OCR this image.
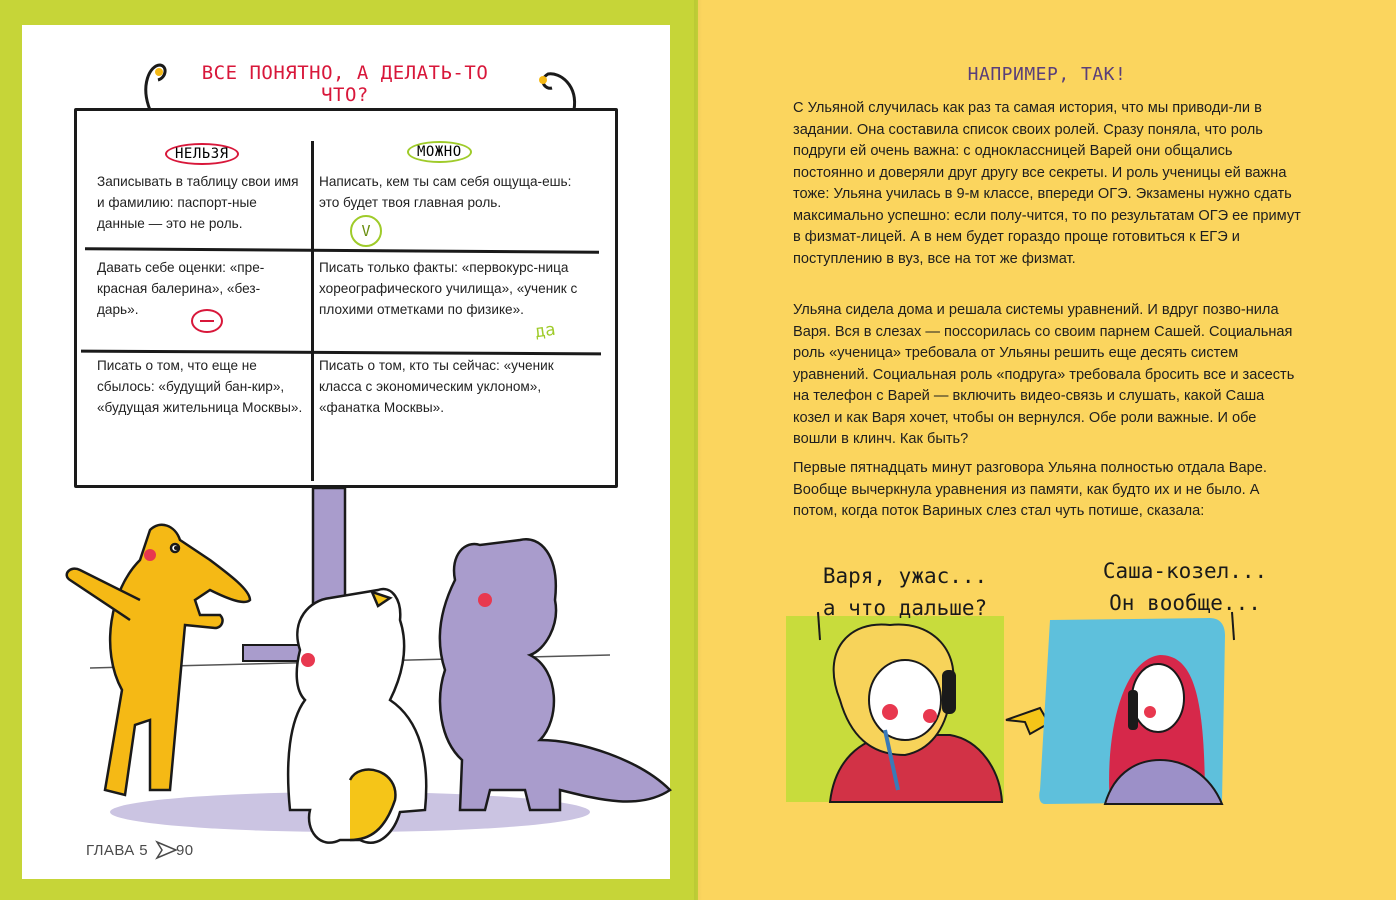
ВСЕ ПОНЯТНО, А ДЕЛАТЬ-ТО ЧТО?
НАПРИМЕР, ТАК!
НЕЛЬЗЯ	МОЖНО
Записывать в таблицу свои имя и фамилию: паспорт-ные данные — это не роль.
Написать, кем ты сам себя ощуща-ешь: это будет твоя главная роль.
Давать себе оценки: «пре-красная балерина», «без-дарь».
Писать только факты: «первокурс-ница хореографического училища», «ученик с плохими отметками по физике».
Писать о том, что еще не сбылось: «будущий бан-кир», «будущая жительница Москвы».
Писать о том, кто ты сейчас: «ученик класса с экономическим уклоном», «фанатка Москвы».
V
да
ГЛАВА 5 90

С Ульяной случилась как раз та самая история, что мы приводи-ли в задании. Она составила список своих ролей. Сразу поняла, что роль подруги ей очень важна: с одноклассницей Варей они общались постоянно и доверяли друг другу все секреты. И роль ученицы ей важна тоже: Ульяна училась в 9-м классе, впереди ОГЭ. Экзамены нужно сдать максимально успешно: если полу-чится, то по результатам ОГЭ ее примут в физмат-лицей. А в нем будет гораздо проще готовиться к ЕГЭ и поступлению в вуз, все на тот же физмат.

Ульяна сидела дома и решала системы уравнений. И вдруг позво-нила Варя. Вся в слезах — поссорилась со своим парнем Сашей. Социальная роль «ученица» требовала от Ульяны решить еще десять систем уравнений. Социальная роль «подруга» требовала бросить все и засесть на телефон с Варей — включить видео-связь и слушать, какой Саша козел и как Варя хочет, чтобы он вернулся. Обе роли важные. И обе вошли в клинч. Как быть?

Первые пятнадцать минут разговора Ульяна полностью отдала Варе. Вообще вычеркнула уравнения из памяти, как будто их и не было. А потом, когда поток Вариных слез стал чуть потише, сказала:

Варя, ужас...
а что дальше?
Саша-козел...
Он вообще...
